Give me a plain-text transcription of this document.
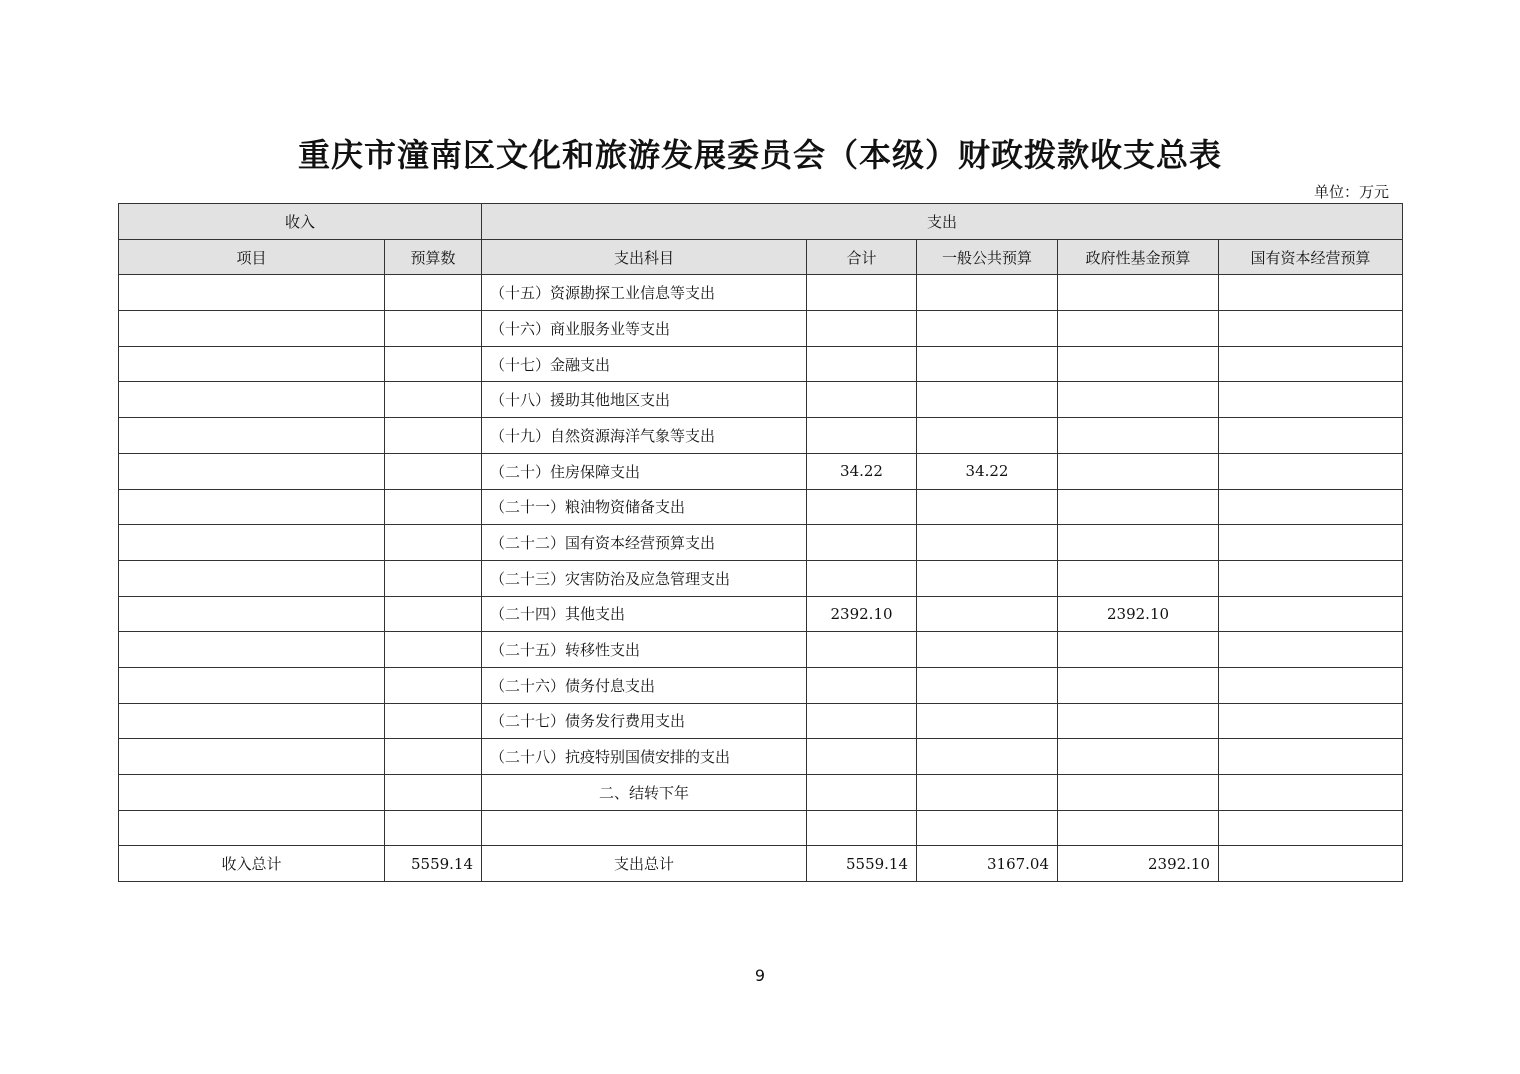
重庆市潼南区文化和旅游发展委员会（本级）财政拨款收支总表
单位：万元
收入		支出				
项目	预算数	支出科目	合计	一般公共预算	政府性基金预算	国有资本经营预算
		（十五）资源勘探工业信息等支出				
		（十六）商业服务业等支出				
		（十七）金融支出				
		（十八）援助其他地区支出				
		（十九）自然资源海洋气象等支出				
		（二十）住房保障支出	34.22	34.22		
		（二十一）粮油物资储备支出				
		（二十二）国有资本经营预算支出				
		（二十三）灾害防治及应急管理支出				
		（二十四）其他支出	2392.10		2392.10	
		（二十五）转移性支出				
		（二十六）债务付息支出				
		（二十七）债务发行费用支出				
		（二十八）抗疫特别国债安排的支出				
		二、结转下年				

收入总计	5559.14	支出总计	5559.14	3167.04	2392.10	
9
